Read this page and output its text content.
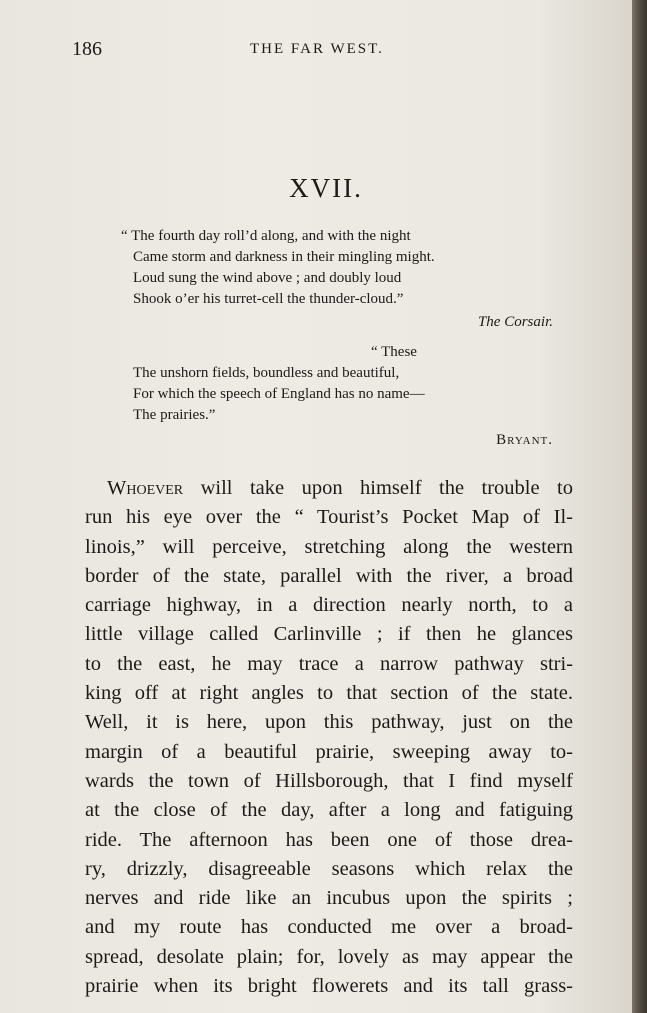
186	THE FAR WEST.
XVII.
“ The fourth day roll’d along, and with the night
Came storm and darkness in their mingling might.
Loud sung the wind above ; and doubly loud
Shook o’er his turret-cell the thunder-cloud.”
The Corsair.
“ These
The unshorn fields, boundless and beautiful,
For which the speech of England has no name—
The prairies.”
Bryant.
Whoever will take upon himself the trouble to
run his eye over the “ Tourist’s Pocket Map of Il-
linois,” will perceive, stretching along the western
border of the state, parallel with the river, a broad
carriage highway, in a direction nearly north, to a
little village called Carlinville ; if then he glances
to the east, he may trace a narrow pathway stri-
king off at right angles to that section of the state.
Well, it is here, upon this pathway, just on the
margin of a beautiful prairie, sweeping away to-
wards the town of Hillsborough, that I find myself
at the close of the day, after a long and fatiguing
ride. The afternoon has been one of those drea-
ry, drizzly, disagreeable seasons which relax the
nerves and ride like an incubus upon the spirits ;
and my route has conducted me over a broad-
spread, desolate plain; for, lovely as may appear the
prairie when its bright flowerets and its tall grass-
